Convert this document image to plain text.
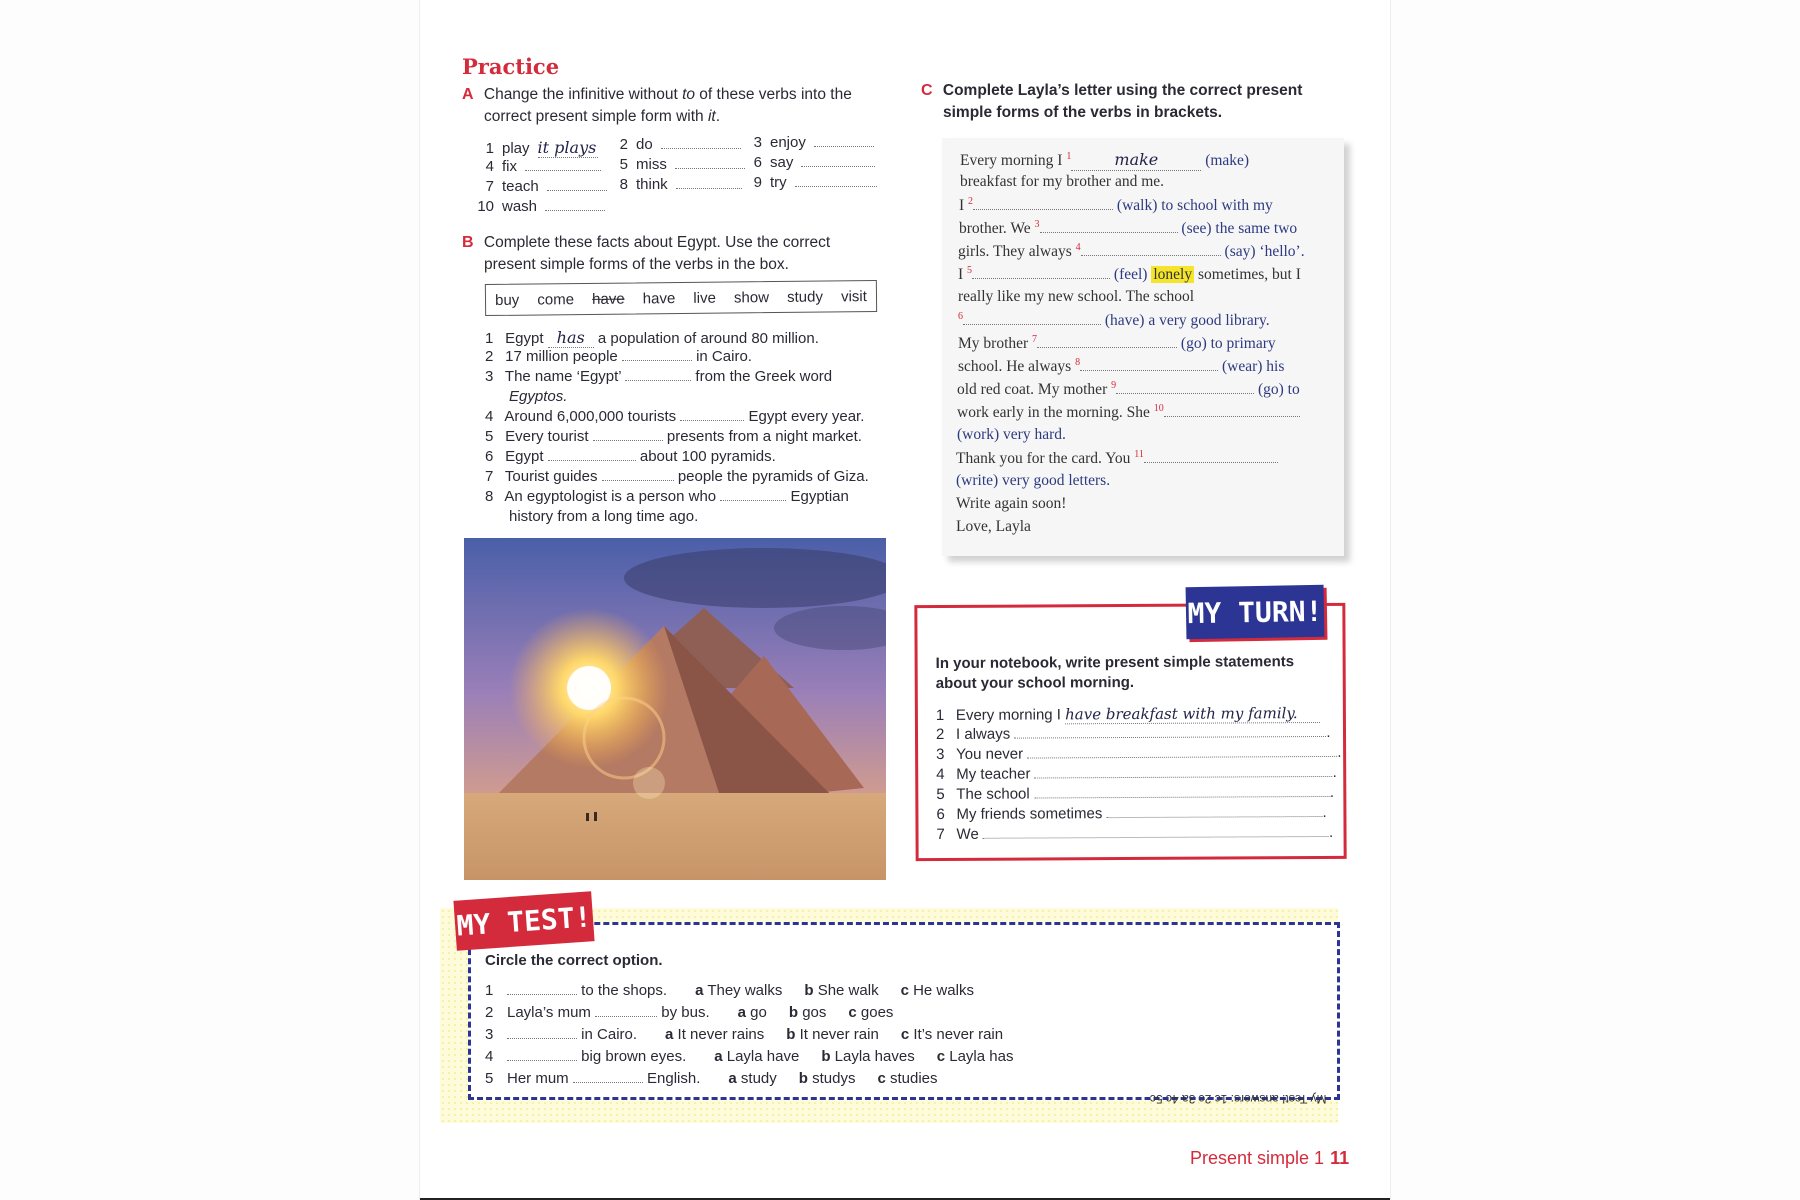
Practice
A Change the infinitive without to of these verbs into the
correct present simple form with it.
1 play it plays	2 do	3 enjoy
4 fix	5 miss	6 say
7 teach	8 think	9 try
10 wash
B Complete these facts about Egypt. Use the correct
present simple forms of the verbs in the box.
buy come have have live show study visit
1 Egypt has a population of around 80 million.
2 17 million people	in Cairo.
3 The name ‘Egypt’	from the Greek word
Egyptos.
4 Around 6,000,000 tourists	Egypt every year.
5 Every tourist	presents from a night market.
6 Egypt	about 100 pyramids.
7 Tourist guides	people the pyramids of Giza.
8 An egyptologist is a person who	Egyptian
history from a long time ago.
C Complete Layla’s letter using the correct present
simple forms of the verbs in brackets.
Every morning I $^1$	make	(make)
breakfast for my brother and me.
I $^2$	(walk) to school with my
brother. We $^3$	(see) the same two
girls. They always $^4$	(say) ‘hello’.
I $^5$	(feel) lonely sometimes, but I
really like my new school. The school
$^6$	(have) a very good library.
My brother $^7$	(go) to primary
school. He always $^8$	(wear) his
old red coat. My mother $^9$	(go) to
work early in the morning. She $^{10}$
(work) very hard.
Thank you for the card. You $^{11}$
(write) very good letters.
Write again soon!
Love, Layla
In your notebook, write present simple statements
about your school morning.
1 Every morning I have breakfast with my family.
2 I always	.
3 You never	.
4 My teacher	.
5 The school	.
6 My friends sometimes	.
7 We	.
MY TURN!
MY TEST!
Circle the correct option.
1	to the shops. a They walks b She walk c He walks
2 Layla’s mum	by bus. a go b gos c goes
3	in Cairo. a It never rains b It never rain c It’s never rain
4	big brown eyes. a Layla have b Layla haves c Layla has
5 Her mum	English. a study b studys c studies
My Test! answers: 1c 2c 3a 4c 5c
Present simple 1 11
